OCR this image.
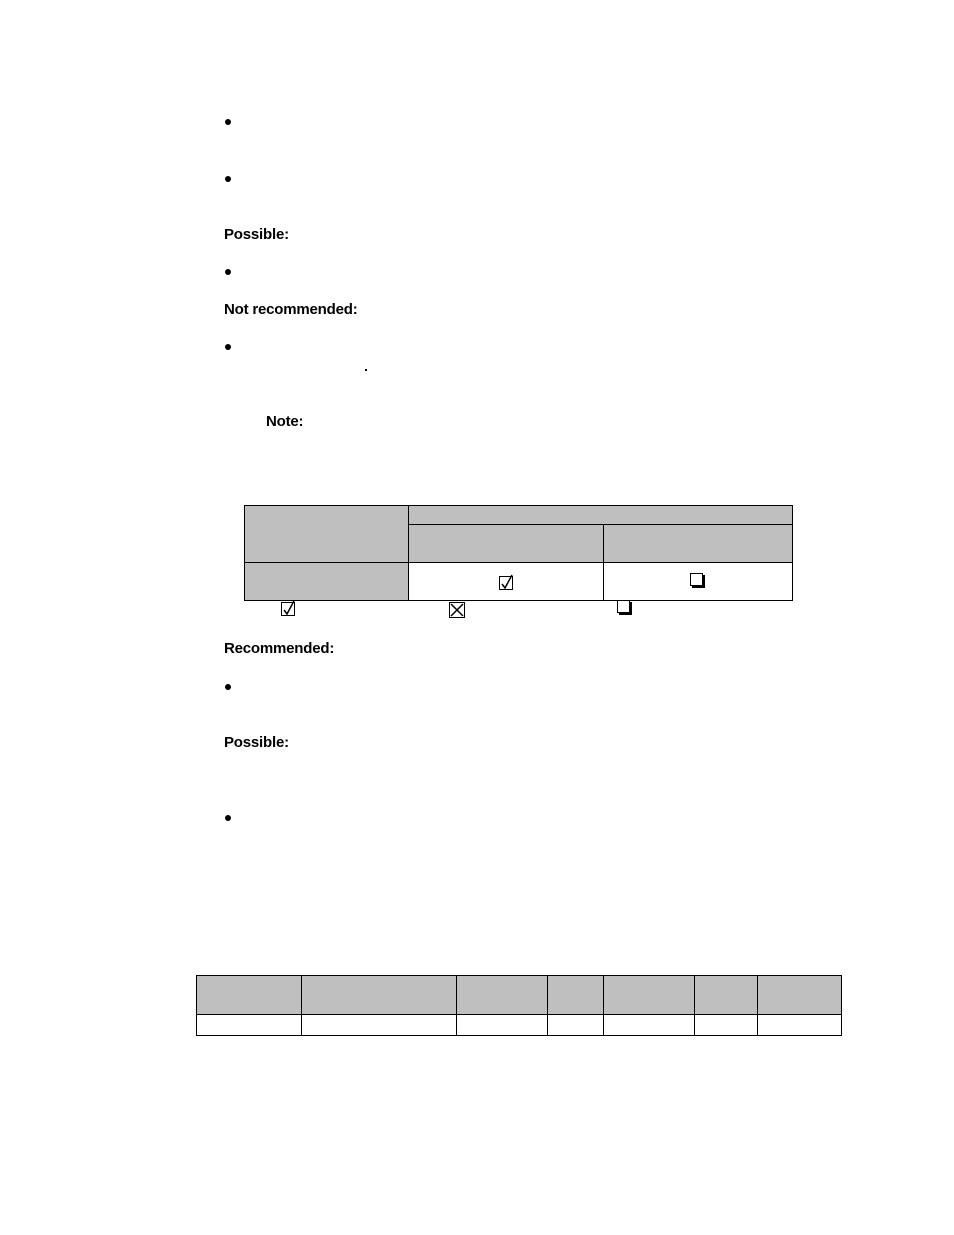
Possible:
Not recommended:
Note:
Recommended:
Possible:
